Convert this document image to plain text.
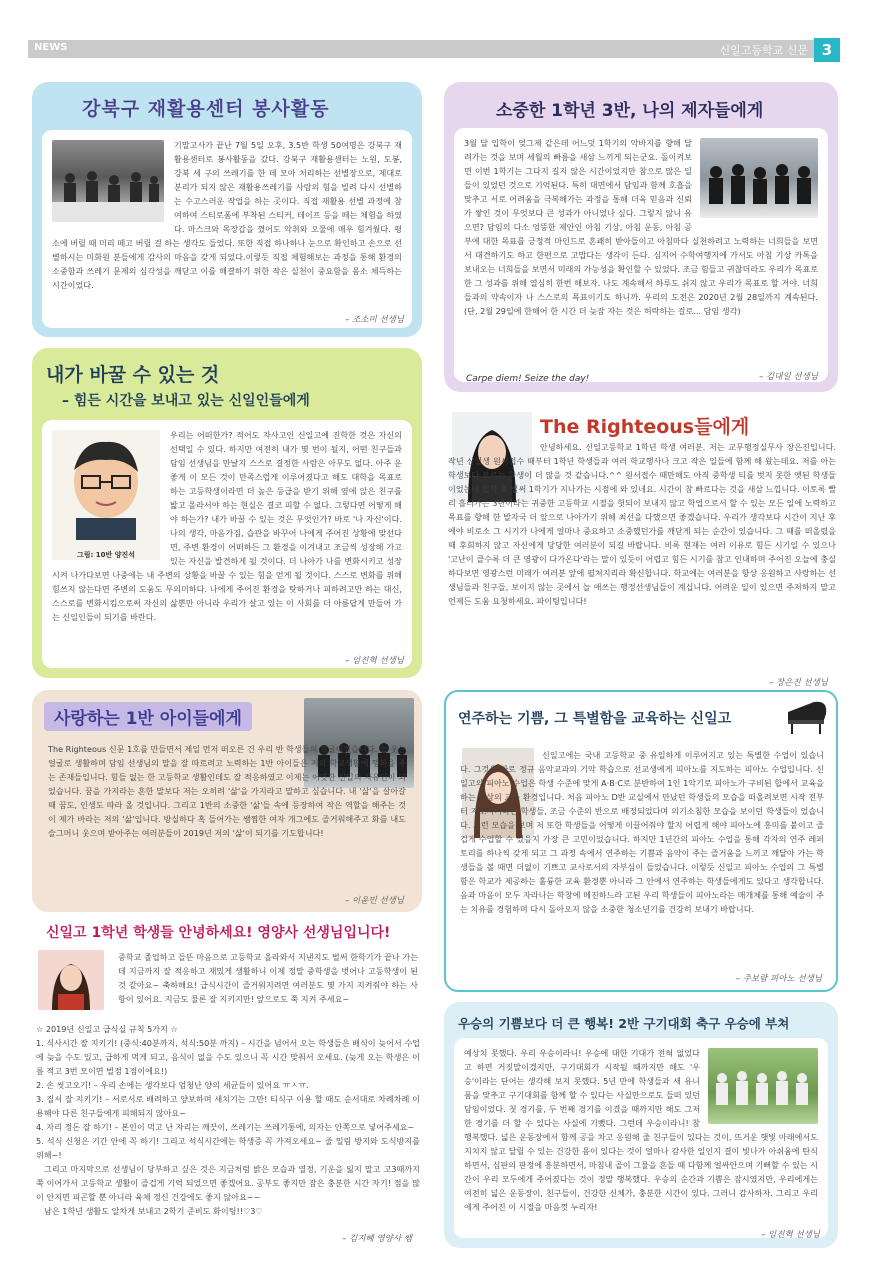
NEWS	신일고등학교 신문 3
강북구 재활용센터 봉사활동
기말고사가 끝난 7월 5일 오후, 3.5반 학생 50여명은 강북구 재활용센터로 봉사활동을 갔다. 강북구 재활용센터는 노원, 도봉, 강북 세 구의 쓰레기를 한 데 모아 처리하는 선별장으로, 제대로 분리가 되지 않은 재활용쓰레기를 사람의 힘을 빌려 다시 선별하는 수고스러운 작업을 하는 곳이다. 직접 재활용 선별 과정에 참여하여 스티로폼에 부착된 스티커, 테이프 등을 떼는 체험을 하였다. 마스크와 목장갑을 꼈어도 악취와 오물에 매우 힘겨웠다. 평소에 버릴 때 미리 떼고 버릴 걸 하는 생각도 들었다. 또한 직접 하나하나 눈으로 확인하고 손으로 선별하시는 미화원 분들에게 감사의 마음을 갖게 되었다.이렇듯 직접 체험해보는 과정을 통해 환경의 소중함과 쓰레기 문제의 심각성을 깨닫고 이를 해결하기 위한 작은 실천이 중요함을 몸소 체득하는 시간이었다.
– 조소미 선생님
내가 바꿀 수 있는 것
– 힘든 시간을 보내고 있는 신일인들에게
그림: 10반 양진석
우리는 어떠한가? 적어도 자사고인 신일고에 진학한 것은 자신의 선택일 수 있다. 하지만 여전히 내가 몇 번이 될지, 어떤 친구들과 담임 선생님을 만날지 스스로 결정한 사람은 아무도 없다. 아주 운 좋게 이 모든 것이 만족스럽게 이루어졌다고 해도 대학을 목표로 하는 고등학생이라면 더 높은 등급을 받기 위해 옆에 앉은 친구를 밟고 올라서야 하는 현실은 결코 피할 수 없다. 그렇다면 어떻게 해야 하는가? 내가 바꿀 수 있는 것은 무엇인가? 바로 '나 자신'이다. 나의 생각, 마음가짐, 습관을 바꾸어 나에게 주어진 상황에 맞선다면, 주변 환경이 어떠하든 그 환경을 이겨내고 조금씩 성장해 가고 있는 자신을 발견하게 될 것이다. 더 나아가 나를 변화시키고 성장시켜 나가다보면 나중에는 내 주변의 상황을 바꿀 수 있는 힘을 얻게 될 것이다. 스스로 변화를 위해 힘쓰지 않는다면 주변의 도움도 무의미하다. 나에게 주어진 환경을 탓하거나 피하려고만 하는 대신, 스스로를 변화시킴으로써 자신의 삶뿐만 아니라 우리가 살고 있는 이 사회를 더 아름답게 만들어 가는 신일인들이 되기를 바란다.
– 임진혁 선생님
사랑하는 1반 아이들에게
The Righteous 신문 1호를 만들면서 제일 먼저 떠오른 건 우리 반 학생들의 얼굴이었습니다. 늘 웃는 얼굴로 생활하며 담임 선생님의 말을 잘 따르려고 노력하는 1반 아이들은 저의 학교생활에 행복을 주는 존재들입니다. 힘들 없는 한 고등학교 생활인데도 잘 적응하였고 이제는 어엿한 신일의 자유인이 되었습니다. 꿈을 가지라는 흔한 말보다 저는 오히려 '삶'을 가지라고 말하고 싶습니다. 내 '삶'을 살아갈 때 꿈도, 인생도 따라 올 것입니다. 그리고 1반의 소중한 '삶'들 속에 등장하여 작은 역할을 해주는 것이 제가 바라는 저의 '삶'입니다. 방실하다 혹 들어가는 쌤찜한 여자 개그에도 즐거워해주고 화를 내도 슬그머니 웃으며 받아주는 여러분들이 2019년 저의 '삶'이 되기를 기도합니다!
– 이윤민 선생님
신일고 1학년 학생들 안녕하세요! 영양사 선생님입니다!
중학교 졸업하고 들뜬 마음으로 고등학교 올라와서 지낸지도 벌써 한학기가 끝나 가는데 지금까지 잘 적응하고 재밌게 생활하니 이제 정말 중학생을 벗어나 고등학생이 된 것 같아요~ 축하해요! 급식시간이 즐거워지려면 여러분도 몇 가지 지켜줘야 하는 사항이 있어요. 지금도 물론 잘 지키지만! 앞으로도 쭉 지켜 주세요~
☆ 2019년 신일고 급식실 규칙 5가지 ☆
1. 식사시간 잘 지키기! (중식:40분까지, 석식:50분 까지) – 시간을 넘어서 오는 학생들은 배식이 늦어서 수업에 늦을 수도 있고, 급하게 먹게 되고, 음식이 없을 수도 있으니 꼭 시간 맞춰서 오세요. (늦게 오는 학생은 이름 적고 3번 모이면 벌점 1점이에요!)
2. 손 씻고오기! – 우리 손에는 생각보다 엄청난 양의 세균들이 있어요 ㅠㅅㅠ.
3. 질서 잘 지키기! – 서로서로 배려하고 양보하며 새치기는 그만! 티식구 이용 할 때도 순서대로 차례차례 이용해야 다른 친구들에게 피해되지 않아요~
4. 자리 정돈 잘 하기! – 본인이 먹고 난 자리는 깨끗이, 쓰레기는 쓰레기통에, 의자는 안쪽으로 넣어주세요~
5. 석식 신청은 기간 안에 꼭 하기! 그리고 석식시간에는 학생증 꼭 가져오세요~ 줄 밀림 방지와 도식방지를 위해~!
그리고 마지막으로 선생님이 당부하고 싶은 것은 지금처럼 밝은 모습과 열정, 기운을 잃지 말고 고3때까지 쭉 이어가서 고등학교 생활이 즐겁게 기억 되었으면 좋겠어요. 공부도 좋지만 잠은 충분한 시간 자기! 점을 많이 안지면 피곤할 뿐 아니라 육체 정신 건강에도 좋지 않아요~~
남은 1학년 생활도 알차게 보내고 2학기 준비도 화이팅!!♡3♡
– 김지혜 영양사 쌤
소중한 1학년 3반, 나의 제자들에게
3월 달 입학이 엊그제 같은데 어느덧 1학기의 악바지를 향해 달려가는 것을 보며 세월의 빠름을 새삼 느끼게 되는군요. 돌이켜보면 이번 1학기는 그다지 길지 않은 시간이었지만 참으로 많은 일들이 있었던 것으로 기억된다. 특히 대면에서 담임과 함께 호흡을 맞추고 서로 어려움을 극복해가는 과정을 통해 더욱 믿음과 신뢰가 쌓인 것이 무엇보다 큰 성과가 아니었나 싶다. 그렇지 않니 유으면? 담임의 다소 엉뚱한 제안인 아침 기상, 아침 운동, 아침 공부에 대한 목표를 긍정적 마인드로 흔쾌히 받아들이고 아침마다 실천하려고 노력하는 너희들을 보면서 대견하기도 하고 한편으로 고맙다는 생각이 든다. 심지어 수학여행지에 가서도 아침 기상 카톡을 보내오는 너희들을 보면서 미래의 가능성을 확인할 수 있었다. 조금 힘들고 귀찮더라도 우리가 목표로 한 그 성과를 위해 열심히 한번 해보자. 나도 계속해서 하루도 쉬지 않고 우리가 목표로 할 거야. 너희들과의 약속이자 나 스스로의 목표이기도 하니까. 우리의 도전은 2020년 2월 28일까지 계속된다. (단, 2월 29일에 한해어 한 시간 더 늦잠 자는 것은 허락하는 걸로... 담임 생각)
Carpe diem! Seize the day!	– 김대일 선생님
The Righteous들에게
안녕하세요. 신일고등학교 1학년 학생 여러분. 저는 교무행정실무사 장은진입니다. 작년 신입생 원서접수 때부터 1학년 학생들과 여러 학교행사나 크고 작은 일들에 함께 해 왔는데요. 저를 아는 학생보다 모르는 학생이 더 많을 것 같습니다.^^ 원서접수 때만해도 아직 중학생 티를 벗지 못한 앳된 학생들이었는데 입학 후 벌써 1학기가 지나가는 시점에 와 있네요. 시간이 참 빠르다는 것을 새삼 느낍니다. 이토록 빨리 흘러가는 3년이라는 귀중한 고등학교 시절을 헛되이 보내지 않고 학업으로서 할 수 있는 모든 일에 노력하고 목표를 향해 한 발자국 더 앞으로 나아가기 위해 최선을 다했으면 좋겠습니다. 우리가 생각보다 시간이 지난 후에야 비로소 그 시기가 나에게 얼마나 중요하고 소중했던가를 깨닫게 되는 순간이 있습니다. 그 때를 떠올렸을 때 후회하지 않고 자신에게 당당한 여러분이 되길 바랍니다. 비록 현재는 여러 이유로 힘든 시기일 수 있으나 '고난이 클수록 더 큰 영광이 다가온다'라는 말이 있듯이 어렵고 힘든 시기를 참고 인내하며 주어진 오늘에 충실하다보면 영광스런 미래가 여러분 앞에 펼쳐지리라 확신합니다. 학교에는 여러분을 항상 응원하고 사랑하는 선생님들과 친구들, 보이지 않는 곳에서 늘 애쓰는 행정선생님들이 계십니다. 어려운 일이 있으면 주저하지 말고 언제든 도움 요청하세요. 파이팅입니다!
– 장은진 선생님
연주하는 기쁨, 그 특별함을 교육하는 신일고
신일고에는 국내 고등학교 중 유일하게 이루어지고 있는 특별한 수업이 있습니다. 그것은 바로 정규 음악교과의 기악 학습으로 선교생에게 피아노를 지도하는 피아노 수업입니다. 신일고의 피아노 수업은 학생 수준에 맞게 A·B·C로 분반하여 1인 1악기로 피아노가 구비된 합에서 교육을 하는 최상의 교육 환경입니다. 처음 피아노 D반 교실에서 만났던 학생들의 모습을 떠올려보면 시작 전부터 자포자기하는 학생들, 조금 수준의 반으로 배정되었다며 의기소침한 모습을 보이던 학생들이 었습니다. 그런 모습을 보며 저 또한 학생들을 어떻게 이끌어줘야 할지 어렵게 해야 피아노에 흥미를 붙이고 즐겁게 수업할 수 있을지 가장 큰 고민이었습니다. 하지만 1년간의 피아노 수업을 통해 각자의 연주 레퍼토리를 하나씩 갖게 되고 그 과정 속에서 연주하는 기쁨과 음악이 주는 즐거움을 느끼고 깨달아 가는 학생들을 볼 때면 더없이 기쁘고 교사로서의 자부심이 들었습니다. 이렇듯 신일고 피아노 수업의 그 특별함은 학교가 제공하는 훌륭한 교육 환경뿐 아니라 그 안에서 연주하는 학생들에게도 있다고 생각합니다. 음과 마음이 모두 자라나는 학창에 메진하느라 고된 우리 학생들이 피아노라는 매개체를 통해 예술이 주는 치유를 경험하며 다시 돌아오지 않을 소중한 청소년기를 건강히 보내기 바랍니다.
– 주보람 피아노 선생님
우승의 기쁨보다 더 큰 행복! 2반 구기대회 축구 우승에 부쳐
예상치 못했다. 우리 우승이라니! 우승에 대한 기대가 전혀 없었다고 하면 거짓말이겠지만, 구기대회가 시작될 때까지만 해도 '우승'이라는 단어는 생각해 보지 못했다. 5년 만에 학생들과 새 유니폼을 맞추고 구기대회를 함께 할 수 있다는 사실만으로도 들떠 있던 담임이었다. 첫 경기를, 두 번째 경기를 이겼을 때까지만 해도 그저 한 경기를 더 할 수 있다는 사실에 기뻤다. 그런데 우승이라니! 참 행복했다. 넓은 운동장에서 함께 공을 차고 응원해 줄 친구들이 있다는 것이, 뜨거운 햇빛 아래에서도 지치지 않고 달릴 수 있는 건강한 몸이 있다는 것이 얼마나 감사한 일인지 결이 빛나가 아쉬움에 탄식하면서, 심판의 판정에 흥분하면서, 마침내 골이 그물을 흔들 때 다함께 얼싸안으며 기뻐할 수 있는 시간이 우리 모두에게 주어졌다는 것이 정말 행복했다. 우승의 순간과 기쁨은 잠시였지만, 우리에게는 여전히 넓은 운동장이, 친구들이, 건강한 신체가, 충분한 시간이 있다. 그러니 감사하자. 그리고 우리에게 주어진 이 시절을 마음껏 누리자!
– 임진혁 선생님
